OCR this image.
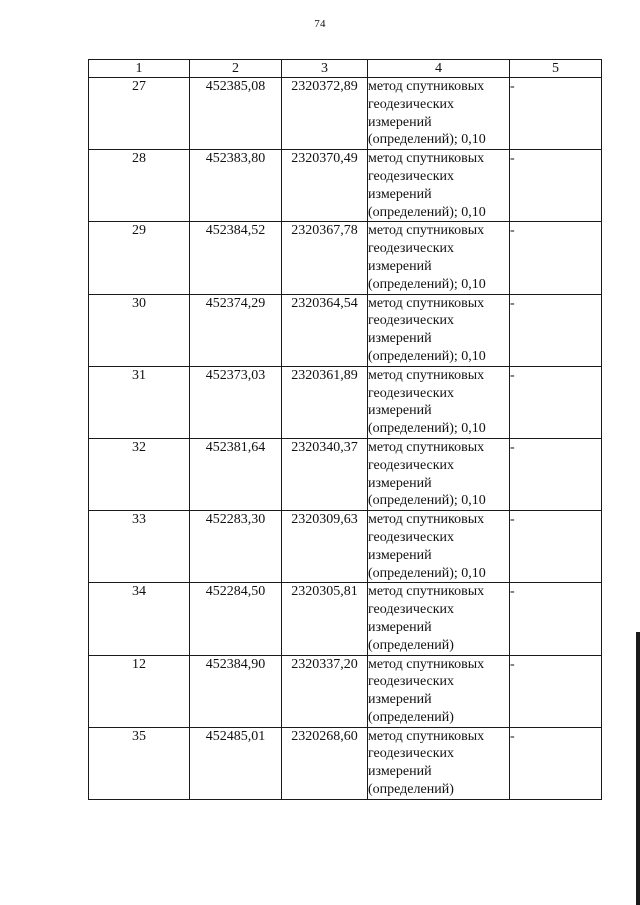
74
1	2	3	4	5
27	452385,08	2320372,89	метод спутниковых
геодезических
измерений
(определений); 0,10	-
28	452383,80	2320370,49	метод спутниковых
геодезических
измерений
(определений); 0,10	-
29	452384,52	2320367,78	метод спутниковых
геодезических
измерений
(определений); 0,10	-
30	452374,29	2320364,54	метод спутниковых
геодезических
измерений
(определений); 0,10	-
31	452373,03	2320361,89	метод спутниковых
геодезических
измерений
(определений); 0,10	-
32	452381,64	2320340,37	метод спутниковых
геодезических
измерений
(определений); 0,10	-
33	452283,30	2320309,63	метод спутниковых
геодезических
измерений
(определений); 0,10	-
34	452284,50	2320305,81	метод спутниковых
геодезических
измерений
(определений)	-
12	452384,90	2320337,20	метод спутниковых
геодезических
измерений
(определений)	-
35	452485,01	2320268,60	метод спутниковых
геодезических
измерений
(определений)	-
